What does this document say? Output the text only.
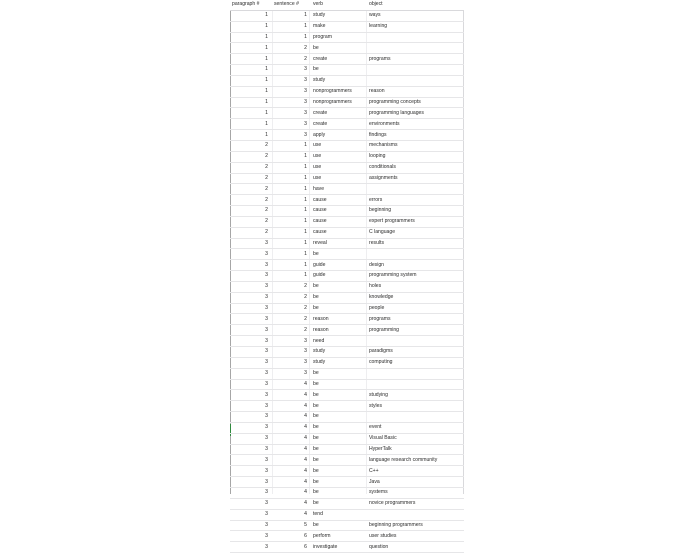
paragraph #	sentence #	verb	object
1	1	study	ways
1	1	make	learning
1	1	program	
1	2	be	
1	2	create	programs
1	3	be	
1	3	study	
1	3	nonprogrammers	reason
1	3	nonprogrammers	programming concepts
1	3	create	programming languages
1	3	create	environments
1	3	apply	findings
2	1	use	mechanisms
2	1	use	looping
2	1	use	conditionals
2	1	use	assignments
2	1	have	
2	1	cause	errors
2	1	cause	beginning
2	1	cause	expert programmers
2	1	cause	C language
3	1	reveal	results
3	1	be	
3	1	guide	design
3	1	guide	programming system
3	2	be	holes
3	2	be	knowledge
3	2	be	people
3	2	reason	programs
3	2	reason	programming
3	3	need	
3	3	study	paradigms
3	3	study	computing
3	3	be	
3	4	be	
3	4	be	studying
3	4	be	styles
3	4	be	
3	4	be	event
3	4	be	Visual Basic
3	4	be	HyperTalk
3	4	be	language research community
3	4	be	C++
3	4	be	Java
3	4	be	systems
3	4	be	novice programmers
3	4	tend	
3	5	be	beginning programmers
3	6	perform	user studies
3	6	investigate	question
